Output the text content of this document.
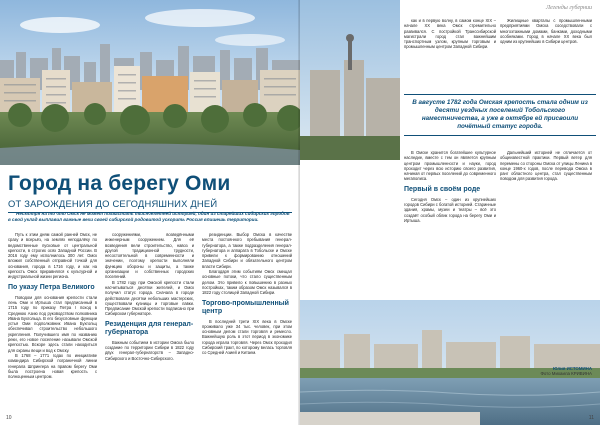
Город на берегу Оми
ОТ ЗАРОЖДЕНИЯ ДО СЕГОДНЯШНИХ ДНЕЙ
Несмотря на то что Омск не может похвастать тысячелетней историей, один из старейших сибирских городов в свой уклад выплавил важные вехи своей сибирской родовитой ускорить Россия впишешь территории.

Путь к этим дням самой ранней Омск, не сразу и всерьёз, на землях неподалёку по ведомственные пусковые от центральной крепости, в строгих осях Западной России. В 2016 году ему исполнилось 300 лет. Омск вложил собственный отправной точкой для основания, города в 1716 году, и как на крепость Омск приравнялся к культурной и индустриальной жизни региона.

По указу Петра Великого

Поводом для основания крепости стали лень Оми и Иртыша стал предписанный в 1715 году по приказу Петра I поход в Среднюю Азию под руководством полковника Ивана Бухгольца. В его безусловные функции устья Оми подполковник Ивана Бухгольц обеспечивал строительство небольшого укрепления. Получившего имя по названию реки, его новое поселение называли Омской крепостью. Вскоре здесь стали находиться для охраны вещи и вод к Омску.

В 1768 – 1771 годах по инициативе командира Сибирской пограничной линии генерала Шпрингера на правом берегу Оми была построена новая крепость с полноценным центром.

сооружениями, возведёнными инженерным сооружением. Для её возведения вели строительство, навоз и другой традиционной трудности, несостоятельной в современности и значении, поэтому крепости выполняли функцию обороны и защиты, а также организации и собственных городских поселений.

В 1782 году при Омской крепости стали насчитываться десятки жителей, и Омск получил статус города. Сначала в городе действовали десятки небольших мастерских, существовали кузницы и торговые лавки. Предписание Омской крепости подписано при Сибирском губернаторе.

Резиденция для генерал-губернатора

Важным событием в истории Омска было создание по территории Сибири в 1822 году двух генерал-губернаторств – Западно-Сибирского и Восточно-Сибирского.

резиденции. Выбор Омска в качестве места постоянного пребывания генерал-губернатора, а также подразделения генерал-губернатора и аппарата в Тобольске и Омске привели к формированию отношений Западной Сибири и обязательного центром власти Сибири.

Благодаря этим событиям Омск смещал основные потоки, что стало существенным делом. Это привело к повышению в разных постройках, таким образом Омск назывался в 1822 году столицей Западной Сибири.

Торгово-промышленный центр

В последней трети XIX века в Омске проживало уже 34 тыс. человек, при этом основным делом стали торговля и ремесло. Важнейшую роль в этот период в экономике города играла торговля. Через Омск проходил Сибирский тракт, по которому велась торговля со Средней Азией и Китаем.

10
Легенды губернии

как и в первую волну, в самом конце XIX – начале XX века Омск стремительно развивался. С постройкой Транссибирской магистрали город стал важнейшим транспортным узлом, крупным торговым и промышленным центром Западной Сибири.

Жилищные кварталы с промышленными предприятиями Омска соседствовали с многоэтажными домами, банками, доходными особняками. Город в начале XX века был одним из крупнейших в Сибири центров.

В августе 1782 года Омская крепость стала одним из десяти уездных поселений Тобольского наместничества, а уже в октябре ей присвоили почётный статус города.

В Омске хранится богатейшее культурное наследие, вместе с тем он является крупным центром промышленности и науки, город проходит через всю историю своего развития, начиная от первых поселений до современного мегаполиса.

Первый в своём роде

Сегодня Омск – один из крупнейших городов Сибири с богатой историей. Старинные здания, храмы, музеи и театры – всё это создаёт особый облик города на берегу Оми и Иртыша.

Дальнейший историей не отличается от общеизвестной практики. Первый ветер для перемены со стороны Омска от улицы Ленина в конце 1960-х годов, после перевода Омска в ранг областного центра, стал существенным поводом для развития города.

Юлия ИСТОМИНА
Фото Михаила КРИВИНА
11
